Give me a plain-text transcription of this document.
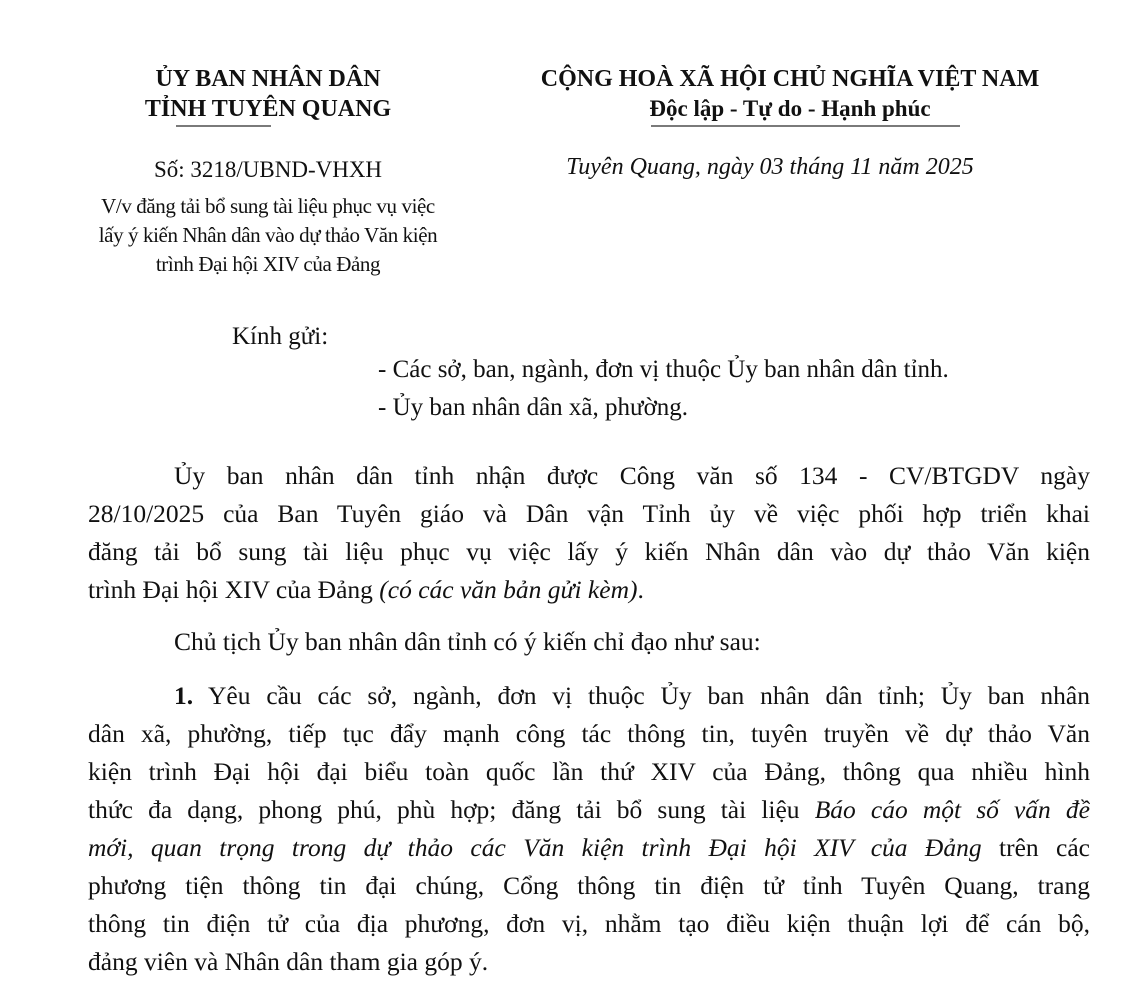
ỦY BAN NHÂN DÂN
TỈNH TUYÊN QUANG
Số: 3218/UBND-VHXH
V/v đăng tải bổ sung tài liệu phục vụ việc
lấy ý kiến Nhân dân vào dự thảo Văn kiện
trình Đại hội XIV của Đảng
CỘNG HOÀ XÃ HỘI CHỦ NGHĨA VIỆT NAM
Độc lập - Tự do - Hạnh phúc
Tuyên Quang, ngày 03 tháng 11 năm 2025
Kính gửi:
- Các sở, ban, ngành, đơn vị thuộc Ủy ban nhân dân tỉnh.
- Ủy ban nhân dân xã, phường.
Ủy ban nhân dân tỉnh nhận được Công văn số 134 - CV/BTGDV ngày
28/10/2025 của Ban Tuyên giáo và Dân vận Tỉnh ủy về việc phối hợp triển khai
đăng tải bổ sung tài liệu phục vụ việc lấy ý kiến Nhân dân vào dự thảo Văn kiện
trình Đại hội XIV của Đảng (có các văn bản gửi kèm).
Chủ tịch Ủy ban nhân dân tỉnh có ý kiến chỉ đạo như sau:
1. Yêu cầu các sở, ngành, đơn vị thuộc Ủy ban nhân dân tỉnh; Ủy ban nhân
dân xã, phường, tiếp tục đẩy mạnh công tác thông tin, tuyên truyền về dự thảo Văn
kiện trình Đại hội đại biểu toàn quốc lần thứ XIV của Đảng, thông qua nhiều hình
thức đa dạng, phong phú, phù hợp; đăng tải bổ sung tài liệu Báo cáo một số vấn đề
mới, quan trọng trong dự thảo các Văn kiện trình Đại hội XIV của Đảng trên các
phương tiện thông tin đại chúng, Cổng thông tin điện tử tỉnh Tuyên Quang, trang
thông tin điện tử của địa phương, đơn vị, nhằm tạo điều kiện thuận lợi để cán bộ,
đảng viên và Nhân dân tham gia góp ý.
